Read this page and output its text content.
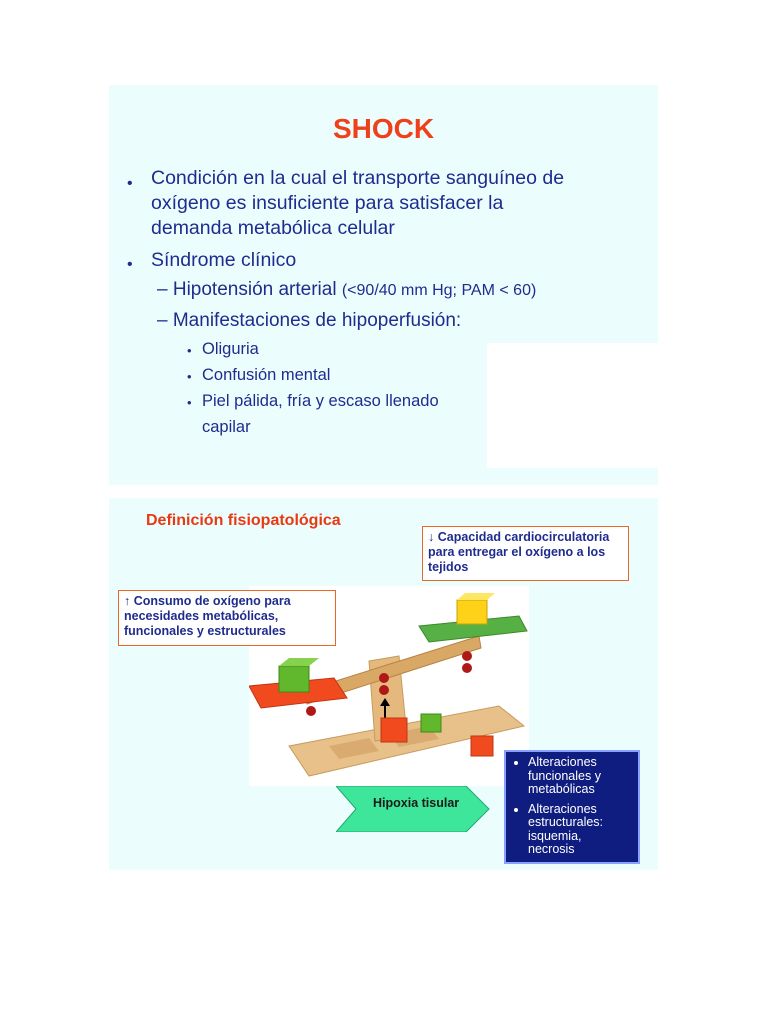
SHOCK
• Condición en la cual el transporte sanguíneo de
oxígeno es insuficiente para satisfacer la
demanda metabólica celular
• Síndrome clínico
– Hipotensión arterial (<90/40 mm Hg; PAM < 60)
– Manifestaciones de hipoperfusión:
• Oliguria
• Confusión mental
• Piel pálida, fría y escaso llenado
capilar
Definición fisiopatológica
↓ Capacidad cardiocirculatoria
para entregar el oxígeno a los
tejidos
↑ Consumo de oxígeno para
necesidades metabólicas,
funcionales y estructurales
Hipoxia tisular
• Alteraciones
funcionales y
metabólicas
• Alteraciones
estructurales:
isquemia,
necrosis
